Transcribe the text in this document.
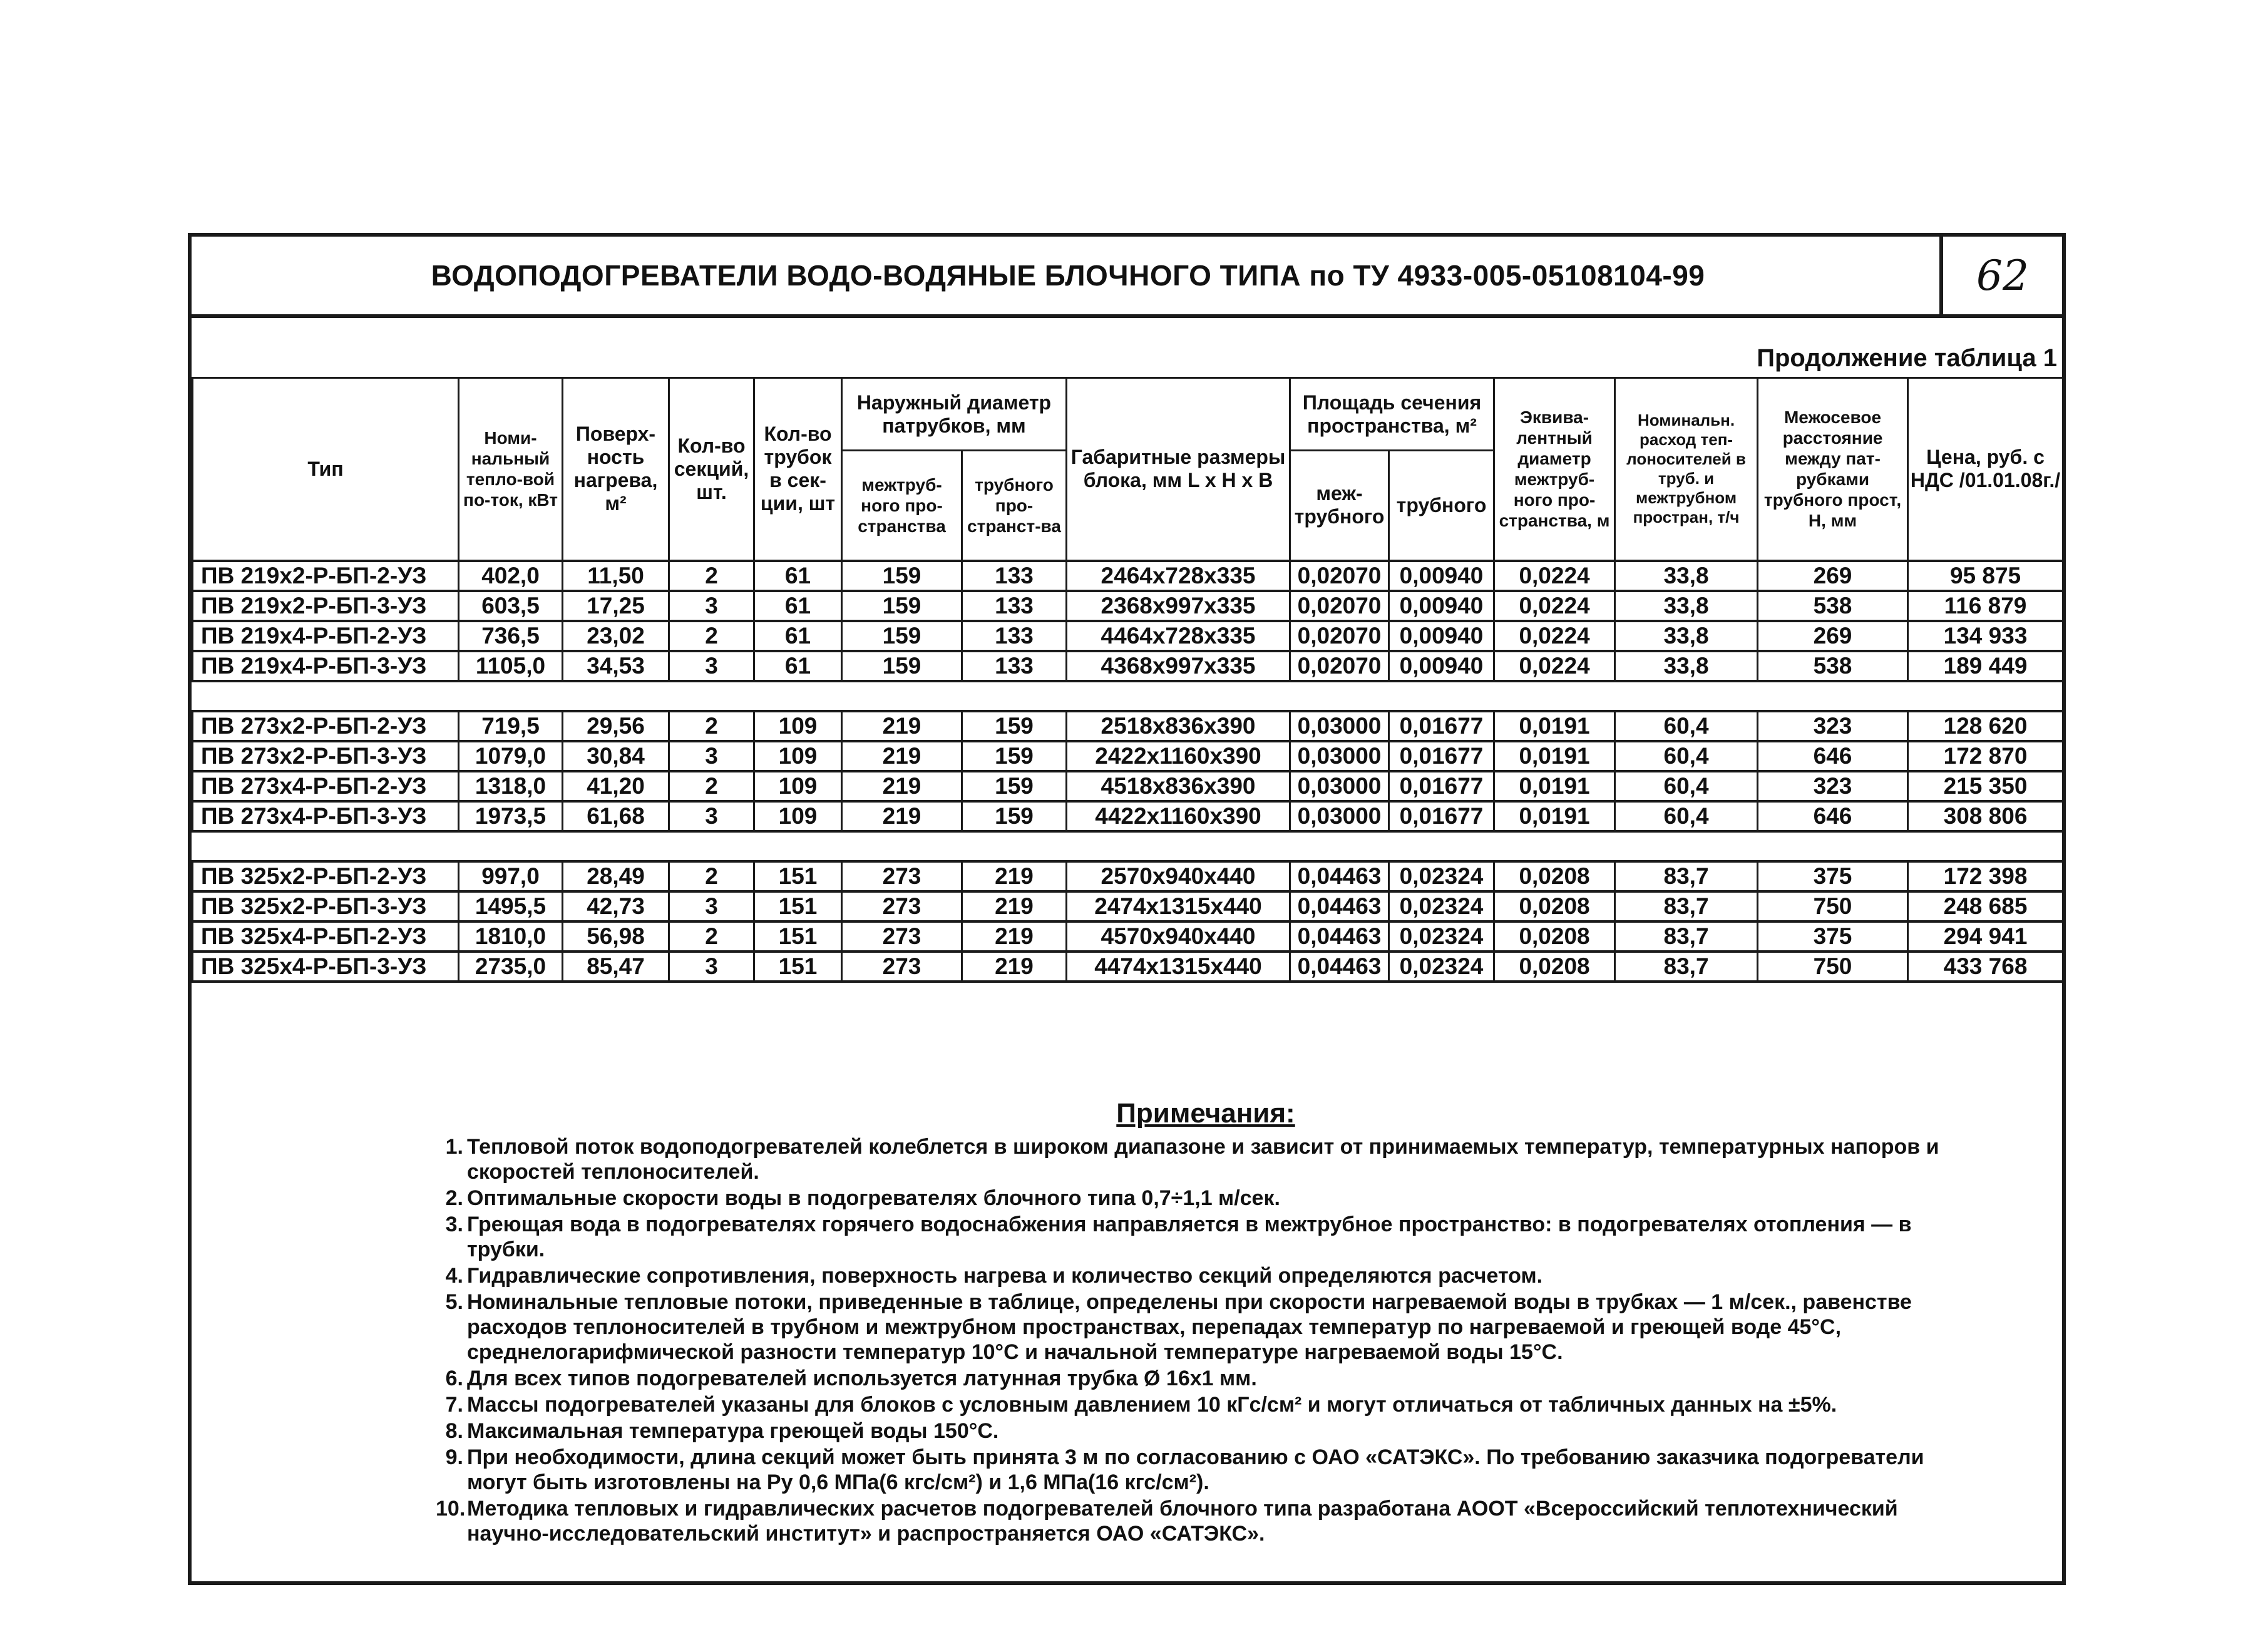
ВОДОПОДОГРЕВАТЕЛИ ВОДО-ВОДЯНЫЕ БЛОЧНОГО ТИПА по ТУ 4933-005-05108104-99	62
Продолжение таблица 1
Тип	Номи-нальный тепло-вой по-ток, кВт	Поверх-ность нагрева, м²	Кол-во секций, шт.	Кол-во трубок в сек-ции, шт	Наружный диаметр патрубков, мм		Габаритные размеры блока, мм L x H x B	Площадь сечения пространства, м²		Эквива-лентный диаметр межтруб-ного про-странства, м	Номинальн. расход теп-лоносителей в труб. и межтрубном простран, т/ч	Межосевое расстояние между пат-рубками трубного прост, Н, мм	Цена, руб. с НДС /01.01.08г./
					межтруб-ного про-странства	трубного про-странст-ва		меж-трубного	трубного				
ПВ 219х2-Р-БП-2-УЗ	402,0	11,50	2	61	159	133	2464x728x335	0,02070	0,00940	0,0224	33,8	269	95 875
ПВ 219х2-Р-БП-3-УЗ	603,5	17,25	3	61	159	133	2368x997x335	0,02070	0,00940	0,0224	33,8	538	116 879
ПВ 219х4-Р-БП-2-УЗ	736,5	23,02	2	61	159	133	4464x728x335	0,02070	0,00940	0,0224	33,8	269	134 933
ПВ 219х4-Р-БП-3-УЗ	1105,0	34,53	3	61	159	133	4368x997x335	0,02070	0,00940	0,0224	33,8	538	189 449

ПВ 273х2-Р-БП-2-УЗ	719,5	29,56	2	109	219	159	2518x836x390	0,03000	0,01677	0,0191	60,4	323	128 620
ПВ 273х2-Р-БП-3-УЗ	1079,0	30,84	3	109	219	159	2422x1160x390	0,03000	0,01677	0,0191	60,4	646	172 870
ПВ 273х4-Р-БП-2-УЗ	1318,0	41,20	2	109	219	159	4518x836x390	0,03000	0,01677	0,0191	60,4	323	215 350
ПВ 273х4-Р-БП-3-УЗ	1973,5	61,68	3	109	219	159	4422x1160x390	0,03000	0,01677	0,0191	60,4	646	308 806

ПВ 325х2-Р-БП-2-УЗ	997,0	28,49	2	151	273	219	2570x940x440	0,04463	0,02324	0,0208	83,7	375	172 398
ПВ 325х2-Р-БП-3-УЗ	1495,5	42,73	3	151	273	219	2474x1315x440	0,04463	0,02324	0,0208	83,7	750	248 685
ПВ 325х4-Р-БП-2-УЗ	1810,0	56,98	2	151	273	219	4570x940x440	0,04463	0,02324	0,0208	83,7	375	294 941
ПВ 325х4-Р-БП-3-УЗ	2735,0	85,47	3	151	273	219	4474x1315x440	0,04463	0,02324	0,0208	83,7	750	433 768
Примечания:
1. Тепловой поток водоподогревателей колеблется в широком диапазоне и зависит от принимаемых температур, температурных напоров и скоростей теплоносителей.
2. Оптимальные скорости воды в подогревателях блочного типа 0,7÷1,1 м/сек.
3. Греющая вода в подогревателях горячего водоснабжения направляется в межтрубное пространство: в подогревателях отопления — в трубки.
4. Гидравлические сопротивления, поверхность нагрева и количество секций определяются расчетом.
5. Номинальные тепловые потоки, приведенные в таблице, определены при скорости нагреваемой воды в трубках — 1 м/сек., равенстве расходов теплоносителей в трубном и межтрубном пространствах, перепадах температур по нагреваемой и греющей воде 45°С, среднелогарифмической разности температур 10°С и начальной температуре нагреваемой воды 15°С.
6. Для всех типов подогревателей используется латунная трубка Ø 16x1 мм.
7. Массы подогревателей указаны для блоков с условным давлением 10 кГс/см² и могут отличаться от табличных данных на ±5%.
8. Максимальная температура греющей воды 150°С.
9. При необходимости, длина секций может быть принята 3 м по согласованию с ОАО «САТЭКС». По требованию заказчика подогреватели могут быть изготовлены на Ру 0,6 МПа(6 кгс/см²) и 1,6 МПа(16 кгс/см²).
10. Методика тепловых и гидравлических расчетов подогревателей блочного типа разработана АООТ «Всероссийский теплотехнический научно-исследовательский институт» и распространяется ОАО «САТЭКС».
